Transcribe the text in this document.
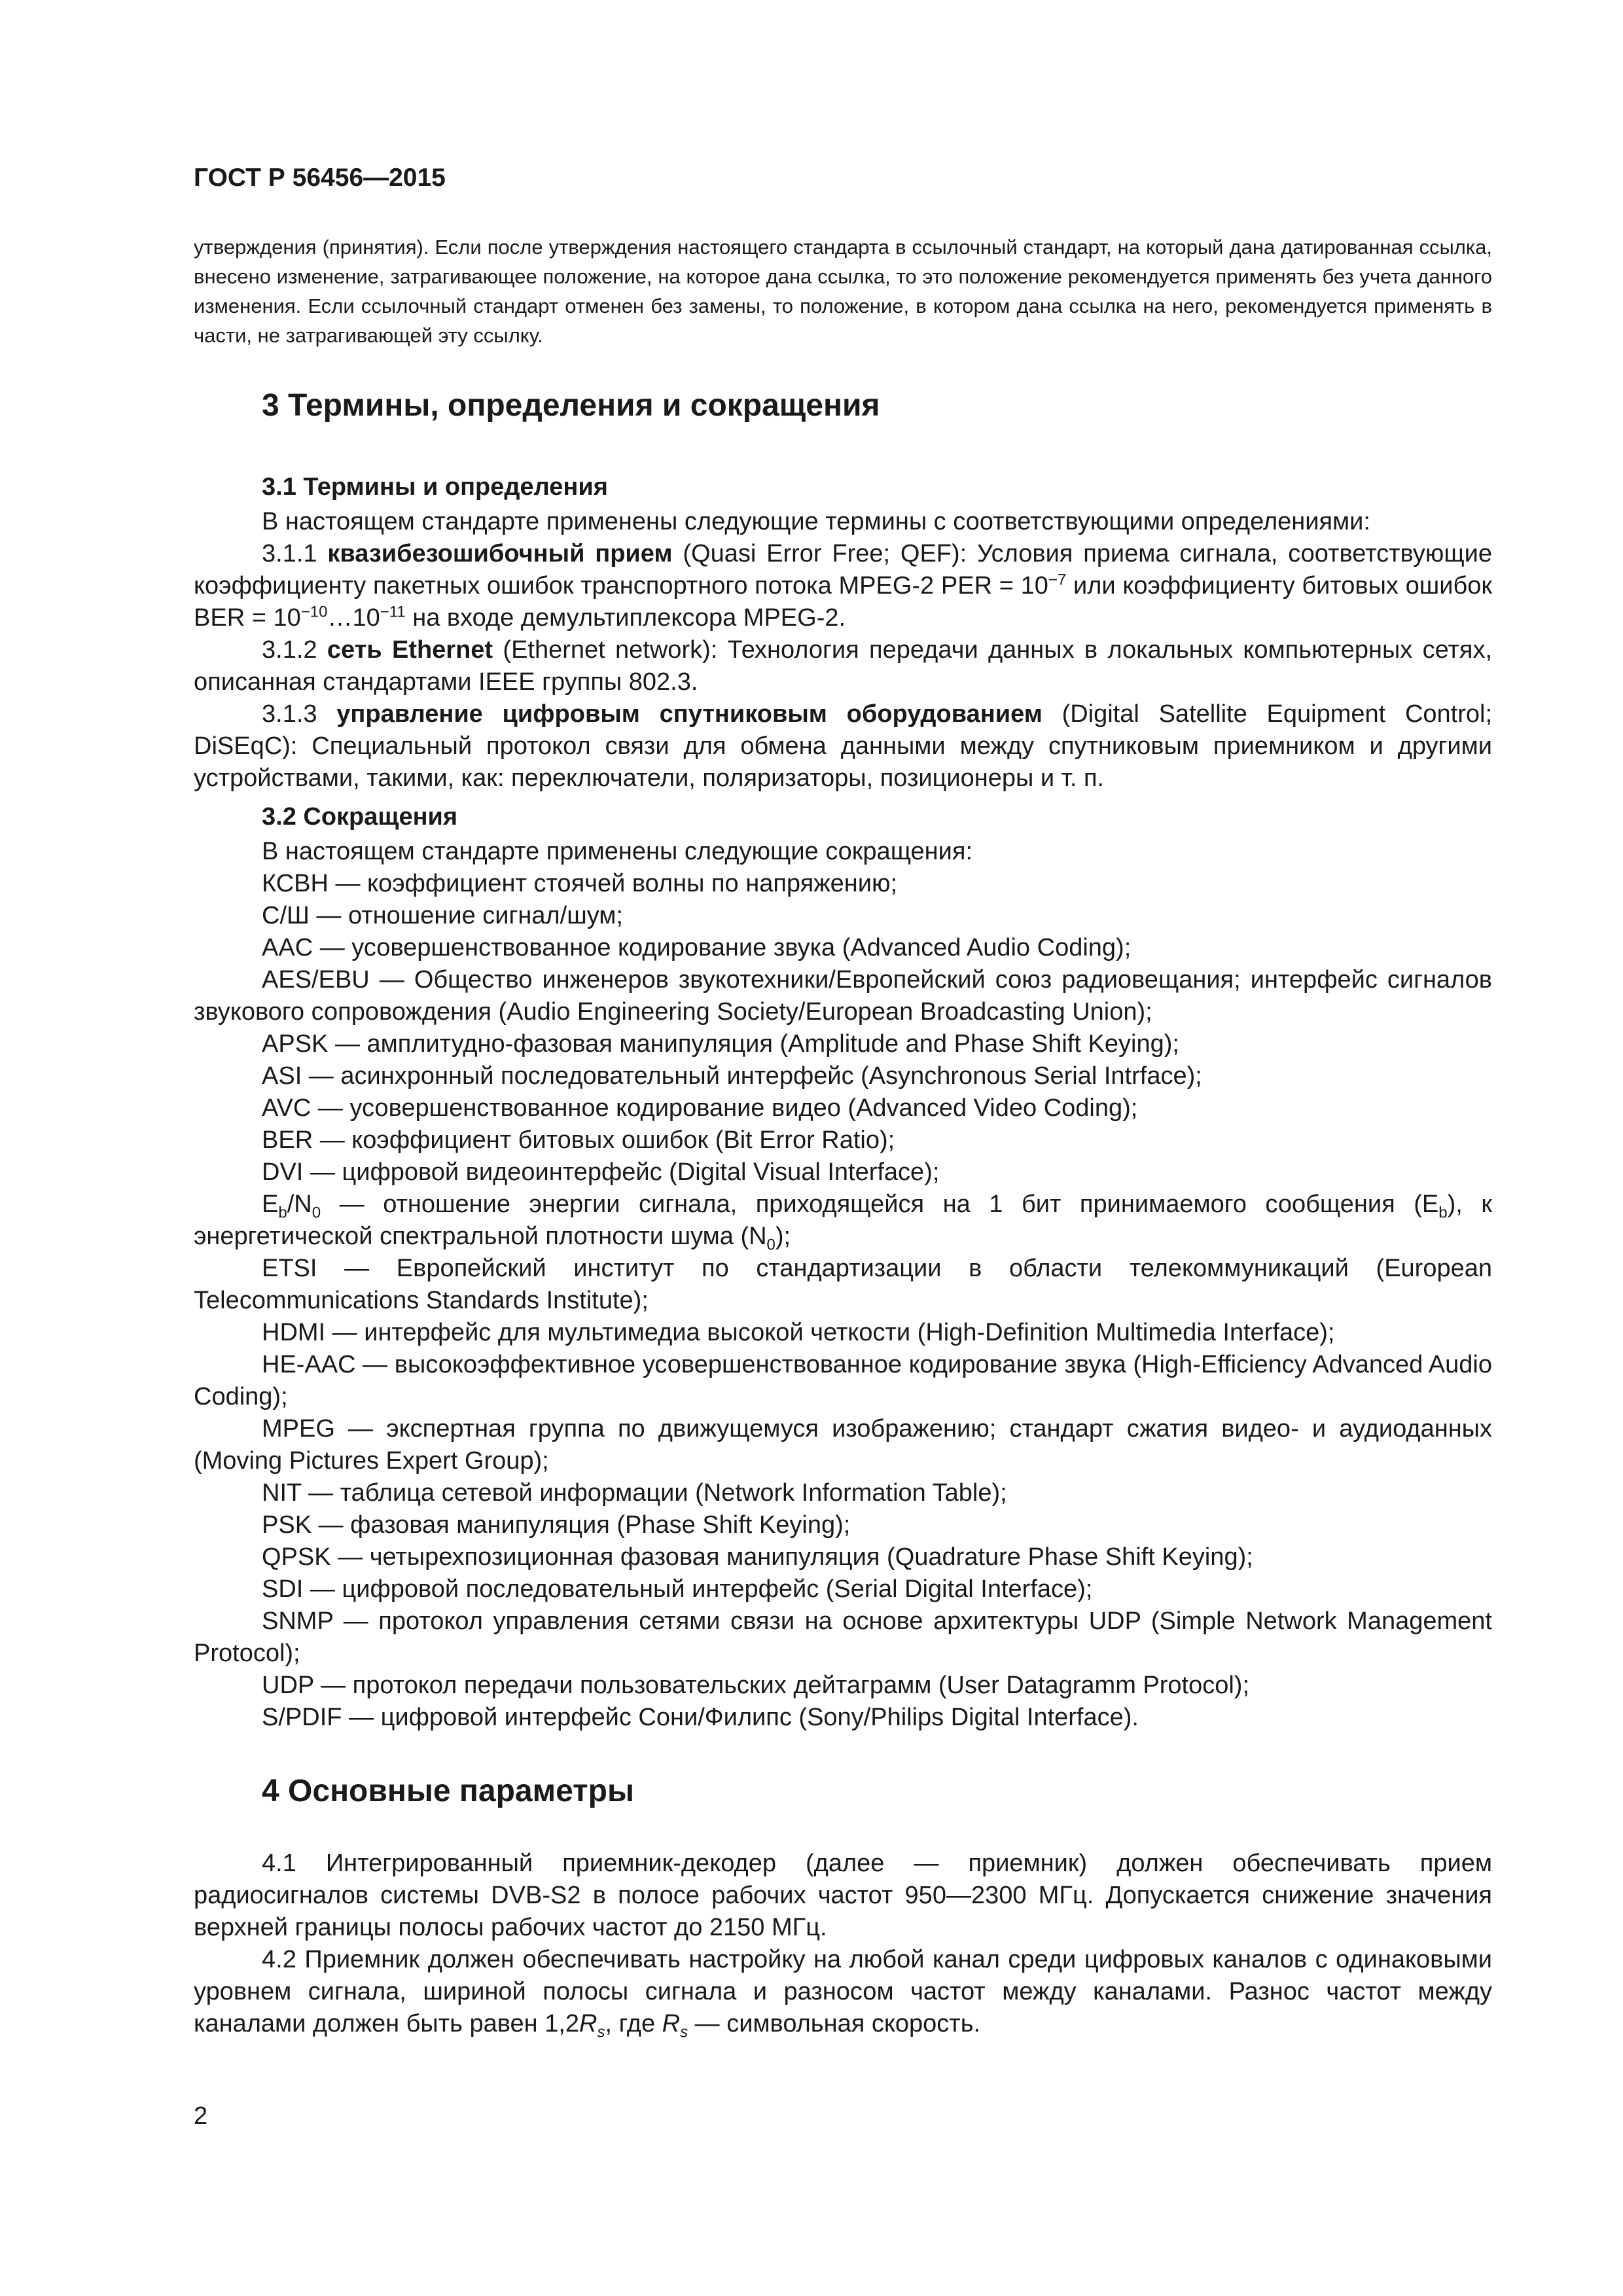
ГОСТ Р 56456—2015

утверждения (принятия). Если после утверждения настоящего стандарта в ссылочный стандарт, на который дана датированная ссылка, внесено изменение, затрагивающее положение, на которое дана ссылка, то это положение рекомендуется применять без учета данного изменения. Если ссылочный стандарт отменен без замены, то положение, в котором дана ссылка на него, рекомендуется применять в части, не затрагивающей эту ссылку.

3 Термины, определения и сокращения
3.1 Термины и определения

В настоящем стандарте применены следующие термины с соответствующими определениями:

3.1.1 квазибезошибочный прием (Quasi Error Free; QEF): Условия приема сигнала, соответствующие коэффициенту пакетных ошибок транспортного потока MPEG-2 PER = $10^{-7}$ или коэффициенту битовых ошибок BER = $10^{-10}\dots 10^{-11}$ на входе демультиплексора MPEG-2.

3.1.2 сеть Ethernet (Ethernet network): Технология передачи данных в локальных компьютерных сетях, описанная стандартами IEEE группы 802.3.

3.1.3 управление цифровым спутниковым оборудованием (Digital Satellite Equipment Control; DiSEqC): Специальный протокол связи для обмена данными между спутниковым приемником и другими устройствами, такими, как: переключатели, поляризаторы, позиционеры и т. п.

3.2 Сокращения

В настоящем стандарте применены следующие сокращения:

КСВН — коэффициент стоячей волны по напряжению;

С/Ш — отношение сигнал/шум;

AAC — усовершенствованное кодирование звука (Advanced Audio Coding);

AES/EBU — Общество инженеров звукотехники/Европейский союз радиовещания; интерфейс сигналов звукового сопровождения (Audio Engineering Society/European Broadcasting Union);

APSK — амплитудно-фазовая манипуляция (Amplitude and Phase Shift Keying);

ASI — асинхронный последовательный интерфейс (Asynchronous Serial Intrface);

AVC — усовершенствованное кодирование видео (Advanced Video Coding);

BER — коэффициент битовых ошибок (Bit Error Ratio);

DVI — цифровой видеоинтерфейс (Digital Visual Interface);

$E_b/N_0$ — отношение энергии сигнала, приходящейся на 1 бит принимаемого сообщения $(E_b)$, к энергетической спектральной плотности шума $(N_0)$;

ETSI — Европейский институт по стандартизации в области телекоммуникаций (European Telecommunications Standards Institute);

HDMI — интерфейс для мультимедиа высокой четкости (High-Definition Multimedia Interface);

HE-AAC — высокоэффективное усовершенствованное кодирование звука (High-Efficiency Advanced Audio Coding);

MPEG — экспертная группа по движущемуся изображению; стандарт сжатия видео- и аудиоданных (Moving Pictures Expert Group);

NIT — таблица сетевой информации (Network Information Table);

PSK — фазовая манипуляция (Phase Shift Keying);

QPSK — четырехпозиционная фазовая манипуляция (Quadrature Phase Shift Keying);

SDI — цифровой последовательный интерфейс (Serial Digital Interface);

SNMP — протокол управления сетями связи на основе архитектуры UDP (Simple Network Management Protocol);

UDP — протокол передачи пользовательских дейтаграмм (User Datagramm Protocol);

S/PDIF — цифровой интерфейс Сони/Филипс (Sony/Philips Digital Interface).

4 Основные параметры

4.1 Интегрированный приемник-декодер (далее — приемник) должен обеспечивать прием радиосигналов системы DVB-S2 в полосе рабочих частот 950—2300 МГц. Допускается снижение значения верхней границы полосы рабочих частот до 2150 МГц.

4.2 Приемник должен обеспечивать настройку на любой канал среди цифровых каналов с одинаковыми уровнем сигнала, шириной полосы сигнала и разносом частот между каналами. Разнос частот между каналами должен быть равен $1,2R_s$, где $R_s$ — символьная скорость.

2
